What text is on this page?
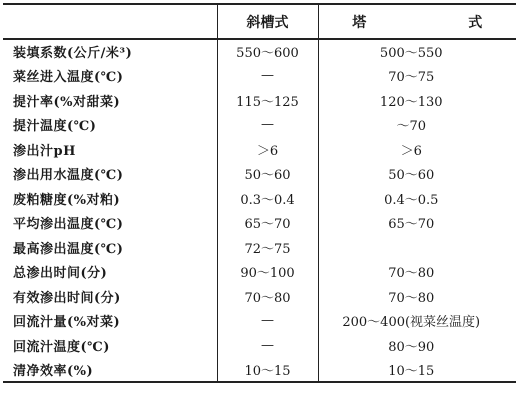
	斜槽式	塔　式
装填系数(公斤/米³)	550～600	500～550
菜丝进入温度(℃)	—	70～75
提汁率(%对甜菜)	115～125	120～130
提汁温度(℃)	—	～70
渗出汁pH	＞6	＞6
渗出用水温度(℃)	50～60	50～60
废粕糖度(%对粕)	0.3～0.4	0.4～0.5
平均渗出温度(℃)	65～70	65～70
最高渗出温度(℃)	72～75	
总渗出时间(分)	90～100	70～80
有效渗出时间(分)	70～80	70～80
回流汁量(%对菜)	—	200～400(视菜丝温度)
回流汁温度(℃)	—	80～90
清净效率(%)	10～15	10～15
